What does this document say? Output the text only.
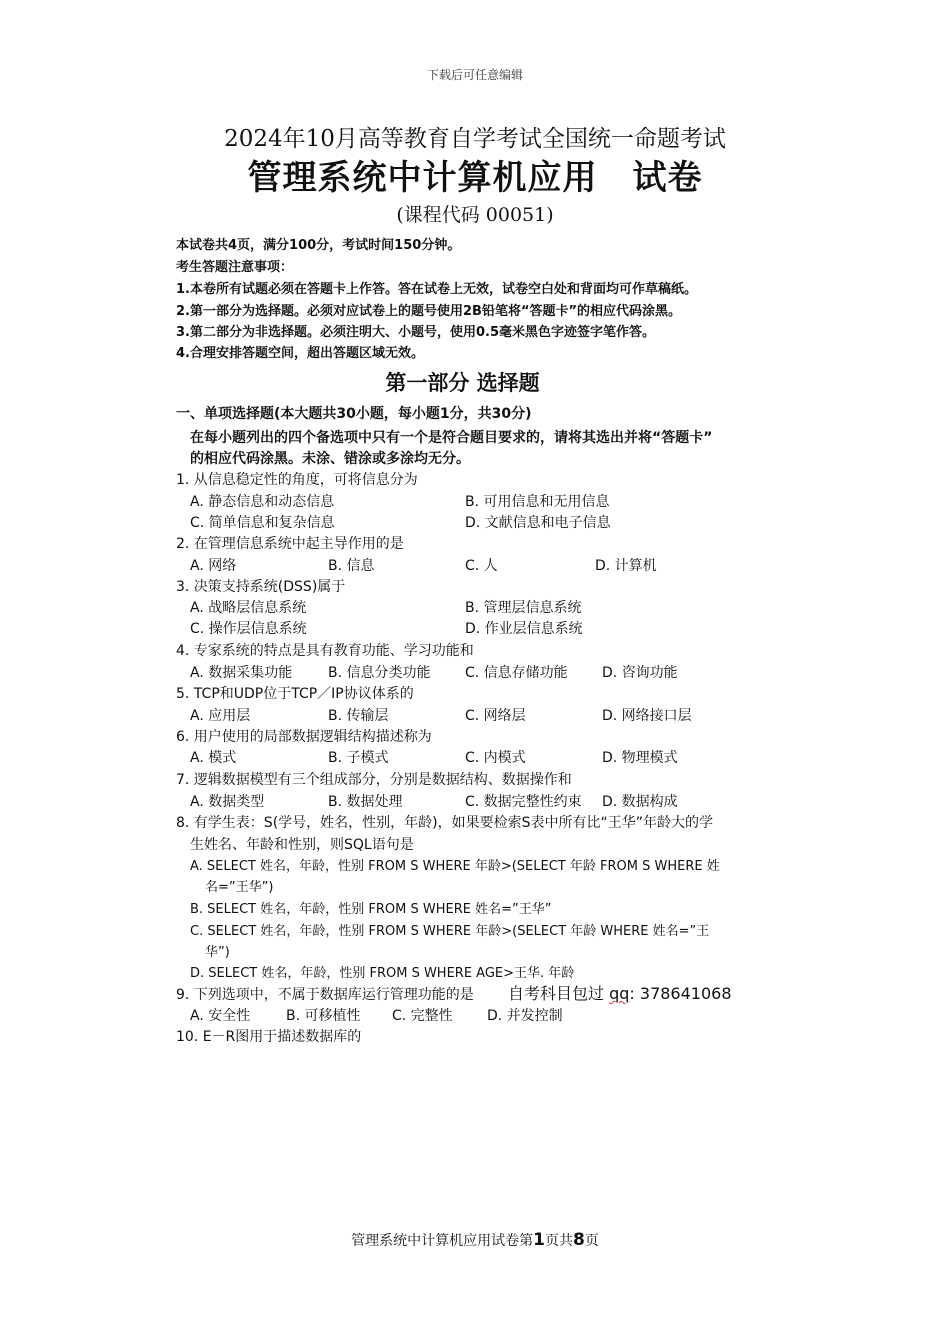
下载后可任意编辑
2024年10月高等教育自学考试全国统一命题考试
管理系统中计算机应用　试卷
(课程代码 00051)
本试卷共4页，满分100分，考试时间150分钟。
考生答题注意事项：
1.本卷所有试题必须在答题卡上作答。答在试卷上无效，试卷空白处和背面均可作草稿纸。
2.第一部分为选择题。必须对应试卷上的题号使用2B铅笔将“答题卡”的相应代码涂黑。
3.第二部分为非选择题。必须注明大、小题号，使用0.5毫米黑色字迹签字笔作答。
4.合理安排答题空间，超出答题区域无效。
第一部分 选择题
一、单项选择题(本大题共30小题，每小题1分，共30分)
在每小题列出的四个备选项中只有一个是符合题目要求的，请将其选出并将“答题卡”
的相应代码涂黑。未涂、错涂或多涂均无分。
1. 从信息稳定性的角度，可将信息分为
A. 静态信息和动态信息	B. 可用信息和无用信息
C. 简单信息和复杂信息	D. 文献信息和电子信息
2. 在管理信息系统中起主导作用的是
A. 网络	B. 信息	C. 人	D. 计算机
3. 决策支持系统(DSS)属于
A. 战略层信息系统	B. 管理层信息系统
C. 操作层信息系统	D. 作业层信息系统
4. 专家系统的特点是具有教育功能、学习功能和
A. 数据采集功能	B. 信息分类功能 C. 信息存储功能 D. 咨询功能
5. TCP和UDP位于TCP／IP协议体系的
A. 应用层	B. 传输层	C. 网络层	D. 网络接口层
6. 用户使用的局部数据逻辑结构描述称为
A. 模式	B. 子模式	C. 内模式	D. 物理模式
7. 逻辑数据模型有三个组成部分，分别是数据结构、数据操作和
A. 数据类型	B. 数据处理	C. 数据完整性约束 D. 数据构成
8. 有学生表：S(学号，姓名，性别，年龄)，如果要检索S表中所有比“王华”年龄大的学
生姓名、年龄和性别，则SQL语句是
A. SELECT 姓名，年龄，性别 FROM S WHERE 年龄>(SELECT 年龄 FROM S WHERE 姓
名=”王华”)
B. SELECT 姓名，年龄，性别 FROM S WHERE 姓名=”王华”
C. SELECT 姓名，年龄，性别 FROM S WHERE 年龄>(SELECT 年龄 WHERE 姓名=”王
华”)
D. SELECT 姓名，年龄，性别 FROM S WHERE AGE>王华. 年龄
9. 下列选项中，不属于数据库运行管理功能的是 自考科目包过 qq: 378641068
A. 安全性	B. 可移植性 C. 完整性 D. 并发控制
10. E－R图用于描述数据库的
管理系统中计算机应用试卷第1页共8页
